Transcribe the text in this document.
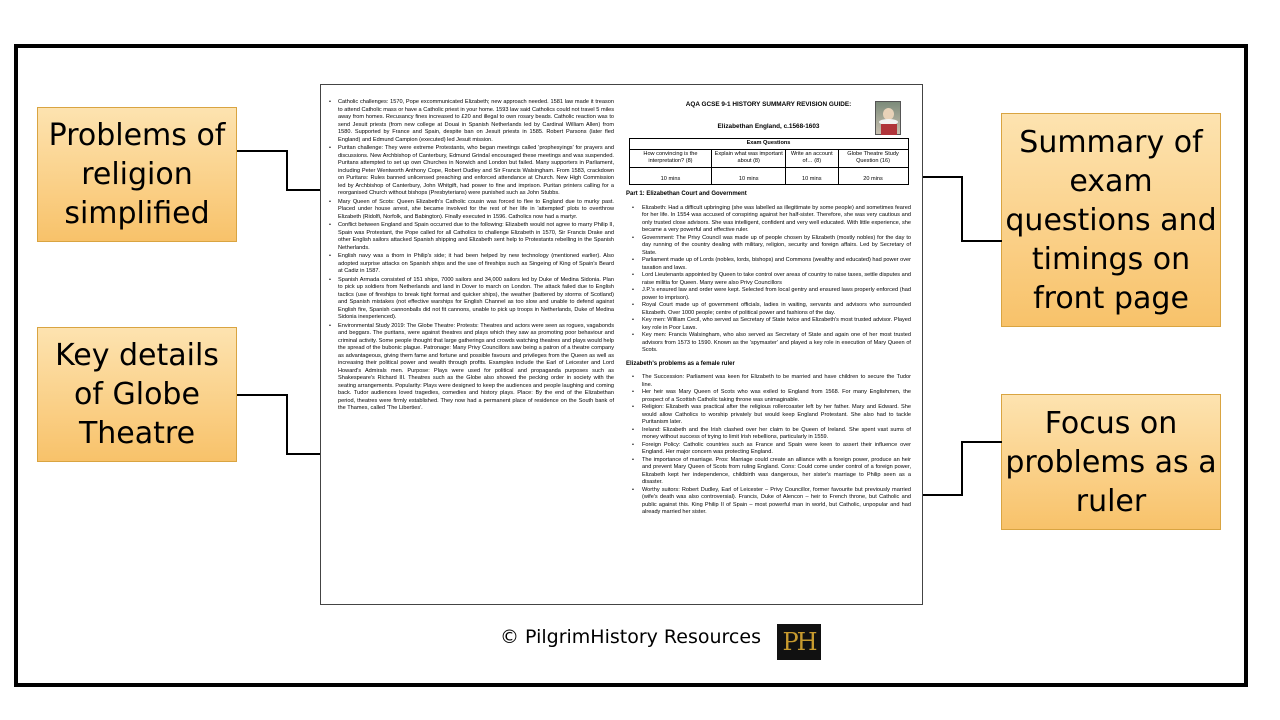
Problems of
religion
simplified
Key details
of Globe
Theatre
Summary of
exam
questions and
timings on
front page
Focus on
problems as a
ruler

• Catholic challenges: 1570, Pope excommunicated Elizabeth; new approach needed. 1581 law made it treason to attend Catholic mass or have a Catholic priest in your home. 1593 law said Catholics could not travel 5 miles away from homes. Recusancy fines increased to £20 and illegal to own rosary beads. Catholic reaction was to send Jesuit priests (from new college at Douai in Spanish Netherlands led by Cardinal William Allen) from 1580. Supported by France and Spain, despite ban on Jesuit priests in 1585. Robert Parsons (later fled England) and Edmund Campion (executed) led Jesuit mission.

• Puritan challenge: They were extreme Protestants, who began meetings called 'prophesyings' for prayers and discussions. New Archbishop of Canterbury, Edmund Grindal encouraged these meetings and was suspended. Puritans attempted to set up own Churches in Norwich and London but failed. Many supporters in Parliament, including Peter Wentworth Anthony Cope, Robert Dudley and Sir Francis Walsingham. From 1583, crackdown on Puritans: Rules banned unlicensed preaching and enforced attendance at Church. New High Commission led by Archbishop of Canterbury, John Whitgift, had power to fine and imprison. Puritan printers calling for a reorganised Church without bishops (Presbyterians) were punished such as John Stubbs.

• Mary Queen of Scots: Queen Elizabeth's Catholic cousin was forced to flee to England due to murky past. Placed under house arrest, she became involved for the rest of her life in 'attempted' plots to overthrow Elizabeth (Ridolfi, Norfolk, and Babington). Finally executed in 1596. Catholics now had a martyr.

• Conflict between England and Spain occurred due to the following: Elizabeth would not agree to marry Philip II, Spain was Protestant, the Pope called for all Catholics to challenge Elizabeth in 1570, Sir Francis Drake and other English sailors attacked Spanish shipping and Elizabeth sent help to Protestants rebelling in the Spanish Netherlands.

• English navy was a thorn in Philip's side; it had been helped by new technology (mentioned earlier). Also adopted surprise attacks on Spanish ships and the use of fireships such as Singeing of King of Spain's Beard at Cadiz in 1587.

• Spanish Armada consisted of 151 ships, 7000 sailors and 34,000 sailors led by Duke of Medina Sidonia. Plan to pick up soldiers from Netherlands and land in Dover to march on London. The attack failed due to English tactics (use of fireships to break tight format and quicker ships), the weather (battered by storms of Scotland) and Spanish mistakes (not effective warships for English Channel as too slow and unable to defend against English fire, Spanish cannonballs did not fit cannons, unable to pick up troops in Netherlands, Duke of Medina Sidonia inexperienced).

• Environmental Study 2019: The Globe Theatre: Protests: Theatres and actors were seen as rogues, vagabonds and beggars. The puritans, were against theatres and plays which they saw as promoting poor behaviour and criminal activity. Some people thought that large gatherings and crowds watching theatres and plays would help the spread of the bubonic plague. Patronage: Many Privy Councillors saw being a patron of a theatre company as advantageous, giving them fame and fortune and possible favours and privileges from the Queen as well as increasing their political power and wealth through profits. Examples include the Earl of Leicester and Lord Howard's Admirals men. Purpose: Plays were used for political and propaganda purposes such as Shakespeare's Richard III. Theatres such as the Globe also showed the pecking order in society with the seating arrangements. Popularity: Plays were designed to keep the audiences and people laughing and coming back. Tudor audiences loved tragedies, comedies and history plays. Place: By the end of the Elizabethan period, theatres were firmly established. They now had a permanent place of residence on the South bank of the Thames, called 'The Liberties'.

AQA GCSE 9-1 HISTORY SUMMARY REVISION GUIDE:
Elizabethan England, c.1568-1603
Exam Questions			
How convincing is the interpretation? (8)	Explain what was important about (8)	Write an account of… (8)	Globe Theatre Study Question (16)
10 mins	10 mins	10 mins	20 mins
Part 1: Elizabethan Court and Government
• Elizabeth: Had a difficult upbringing (she was labelled as illegitimate by some people) and sometimes feared for her life. In 1554 was accused of conspiring against her half-sister. Therefore, she was very cautious and only trusted close advisors. She was intelligent, confident and very well educated. With little experience, she became a very powerful and effective ruler.
• Government: The Privy Council was made up of people chosen by Elizabeth (mostly nobles) for the day to day running of the country dealing with military, religion, security and foreign affairs. Led by Secretary of State.
• Parliament made up of Lords (nobles, lords, bishops) and Commons (wealthy and educated) had power over taxation and laws.
• Lord Lieutenants appointed by Queen to take control over areas of country to raise taxes, settle disputes and raise militia for Queen. Many were also Privy Councillors
• J.P.'s ensured law and order were kept. Selected from local gentry and ensured laws properly enforced (had power to imprison).
• Royal Court made up of government officials, ladies in waiting, servants and advisors who surrounded Elizabeth. Over 1000 people; centre of political power and fashions of the day.
• Key men: William Cecil, who served as Secretary of State twice and Elizabeth's most trusted advisor. Played key role in Poor Laws.
• Key men: Francis Walsingham, who also served as Secretary of State and again one of her most trusted advisors from 1573 to 1590. Known as the 'spymaster' and played a key role in execution of Mary Queen of Scots.
Elizabeth's problems as a female ruler
• The Succession: Parliament was keen for Elizabeth to be married and have children to secure the Tudor line.
• Her heir was Mary Queen of Scots who was exiled to England from 1568. For many Englishmen, the prospect of a Scottish Catholic taking throne was unimaginable.
• Religion: Elizabeth was practical after the religious rollercoaster left by her father. Mary and Edward. She would allow Catholics to worship privately but would keep England Protestant. She also had to tackle Puritanism later.
• Ireland: Elizabeth and the Irish clashed over her claim to be Queen of Ireland. She spent vast sums of money without success of trying to limit Irish rebellions, particularly in 1559.
• Foreign Policy: Catholic countries such as France and Spain were keen to assert their influence over England. Her major concern was protecting England.
• The importance of marriage. Pros: Marriage could create an alliance with a foreign power, produce an heir and prevent Mary Queen of Scots from ruling England. Cons: Could come under control of a foreign power, Elizabeth kept her independence, childbirth was dangerous, her sister's marriage to Philip seen as a disaster.
• Worthy suitors: Robert Dudley, Earl of Leicester – Privy Councillor, former favourite but previously married (wife's death was also controversial). Francis, Duke of Alencon – heir to French throne, but Catholic and public against this. King Philip II of Spain – most powerful man in world, but Catholic, unpopular and had already married her sister.
© PilgrimHistory Resources PH
